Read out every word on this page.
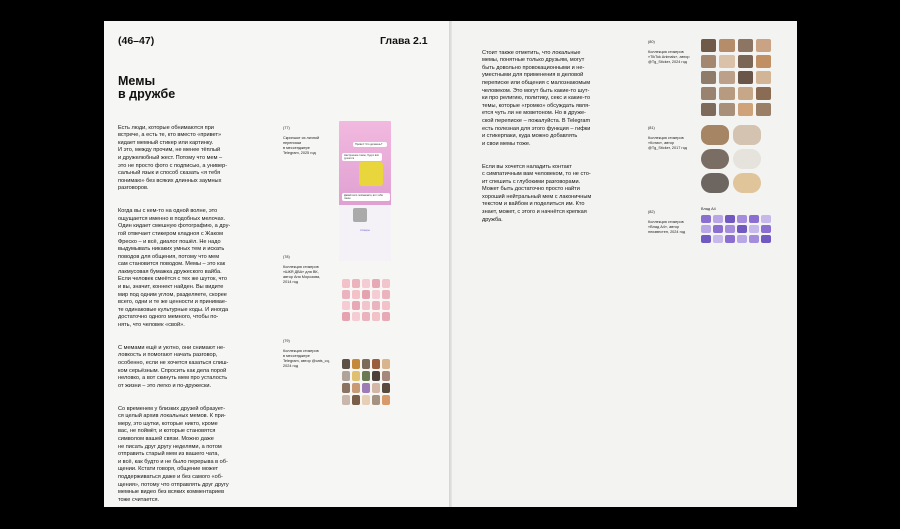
(46–47)	Глава 2.1
Мемы
в дружбе

Есть люди, которые обнимаются при
встрече, а есть те, кто вместо «привет»
кидает мемный стикер или картинку.
И это, между прочим, не менее тёплый
и дружелюбный жест. Потому что мем –
это не просто фото с подписью, а универ-
сальный язык и способ сказать «я тебя
понимаю» без всяких длинных заумных
разговоров.

Когда вы с кем-то на одной волне, это
ощущается именно в подобных мелочах.
Один кидает смешную фотографию, а дру-
гой отвечает стикером кладноя с Жаком
Фреско – и всё, диалог пошёл. Не надо
выдумывать никаких умных тем и искать
поводов для общения, потому что мем
сам становится поводом. Мемы – это как
лакмусовая бумажка дружеского вайба.
Если человек смеётся с тех же шуток, что
и вы, значит, коннект найден. Вы видите
мир под одним углом, разделяете, скорее
всего, одни и те же ценности и принимае-
те одинаковые культурные коды. И иногда
достаточно одного мемного, чтобы по-
нять, что человек «свой».

С мемами ещё и уютно, они снимают не-
ловкость и помогают начать разговор,
особенно, если не хочется казаться слиш-
ком серьёзным. Спросить как дела порой
неловко, а вот скинуть мем про усталость
от жизни – это легко и по-дружески.

Со временем у близких друзей образует-
ся целый архив локальных мемов. К при-
меру, это шутки, которые никто, кроме
вас, не поймёт, и которые становятся
символом вашей связи. Можно даже
не писать друг другу неделями, а потом
отправить старый мем из вашего чата,
и всё, как будто и не было перерыва в об-
щении. Кстати говоря, общение может
поддерживаться даже и без самого «об-
щения», потому что отправлять друг другу
мемные видео без всяких комментариев
тоже считается.

(77)

Скриншот из личной
переписки
в мессенджере
Telegram, 2025 год

(78)

Коллекция стикеров
«ШКЯ ДВА» для ВК,
автор Аня Морозова,
2014 год

(79)

Коллекция стикеров
в мессенджере
Telegram, автор @cats_cq,
2024 год

Привет! Что делаешь?
Настроение такое, будто всё рушится
Давай зато посмеёмся, вот тебе такое
стикеры

Стоит также отметить, что локальные
мемы, понятные только друзьям, могут
быть довольно провокационными и не-
уместными для применения в деловой
переписке или общения с малознакомым
человеком. Это могут быть какие-то шут-
ки про религию, политику, секс и какие-то
темы, которые «громко» обсуждать явля-
ется чуть ли не моветоном. Но в друже-
ской переписке – пожалуйста. В Telegram
есть полезная для этого функция – гифки
и стикерпаки, куда можно добавлять
и свои мемы тоже.

Если вы хочется наладить контакт
с симпатичным вам человеком, то не сто-
ит спешить с глубокими разговорами.
Может быть достаточно просто найти
хороший нейтральный мем с лаконичным
текстом и вайбом и поделиться им. Кто
знает, может, с этого и начнётся крепкая
дружба.

(80)

Коллекция стикеров
«TikTok Animals», автор
@Tg_Sticker, 2024 год

(81)

Коллекция стикеров
«Котик», автор
@Tg_Sticker, 2017 год

(82)

Коллекция стикеров
«Влад А4», автор
неизвестен, 2024 год

Влад А4
